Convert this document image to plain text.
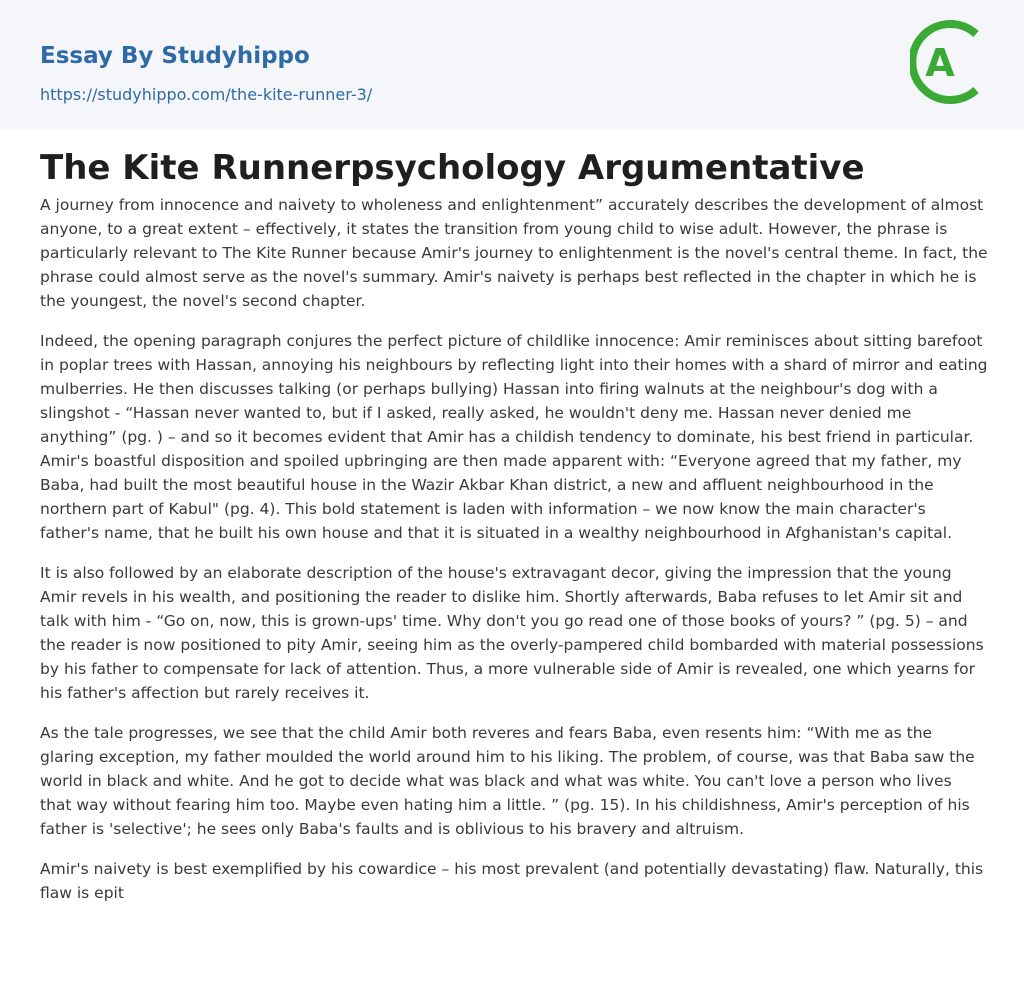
Essay By Studyhippo
https://studyhippo.com/the-kite-runner-3/
A
The Kite Runnerpsychology Argumentative

A journey from innocence and naivety to wholeness and enlightenment” accurately describes the development of almost anyone, to a great extent – effectively, it states the transition from young child to wise adult. However, the phrase is particularly relevant to The Kite Runner because Amir's journey to enlightenment is the novel's central theme. In fact, the phrase could almost serve as the novel's summary. Amir's naivety is perhaps best reflected in the chapter in which he is the youngest, the novel's second chapter.

Indeed, the opening paragraph conjures the perfect picture of childlike innocence: Amir reminisces about sitting barefoot in poplar trees with Hassan, annoying his neighbours by reflecting light into their homes with a shard of mirror and eating mulberries. He then discusses talking (or perhaps bullying) Hassan into firing walnuts at the neighbour's dog with a slingshot - “Hassan never wanted to, but if I asked, really asked, he wouldn't deny me. Hassan never denied me anything” (pg. ) – and so it becomes evident that Amir has a childish tendency to dominate, his best friend in particular. Amir's boastful disposition and spoiled upbringing are then made apparent with: “Everyone agreed that my father, my Baba, had built the most beautiful house in the Wazir Akbar Khan district, a new and affluent neighbourhood in the northern part of Kabul" (pg. 4). This bold statement is laden with information – we now know the main character's father's name, that he built his own house and that it is situated in a wealthy neighbourhood in Afghanistan's capital.

It is also followed by an elaborate description of the house's extravagant decor, giving the impression that the young Amir revels in his wealth, and positioning the reader to dislike him. Shortly afterwards, Baba refuses to let Amir sit and talk with him - “Go on, now, this is grown-ups' time. Why don't you go read one of those books of yours? ” (pg. 5) – and the reader is now positioned to pity Amir, seeing him as the overly-pampered child bombarded with material possessions by his father to compensate for lack of attention. Thus, a more vulnerable side of Amir is revealed, one which yearns for his father's affection but rarely receives it.

As the tale progresses, we see that the child Amir both reveres and fears Baba, even resents him: “With me as the glaring exception, my father moulded the world around him to his liking. The problem, of course, was that Baba saw the world in black and white. And he got to decide what was black and what was white. You can't love a person who lives that way without fearing him too. Maybe even hating him a little. ” (pg. 15). In his childishness, Amir's perception of his father is 'selective'; he sees only Baba's faults and is oblivious to his bravery and altruism.

Amir's naivety is best exemplified by his cowardice – his most prevalent (and potentially devastating) flaw. Naturally, this flaw is epit
